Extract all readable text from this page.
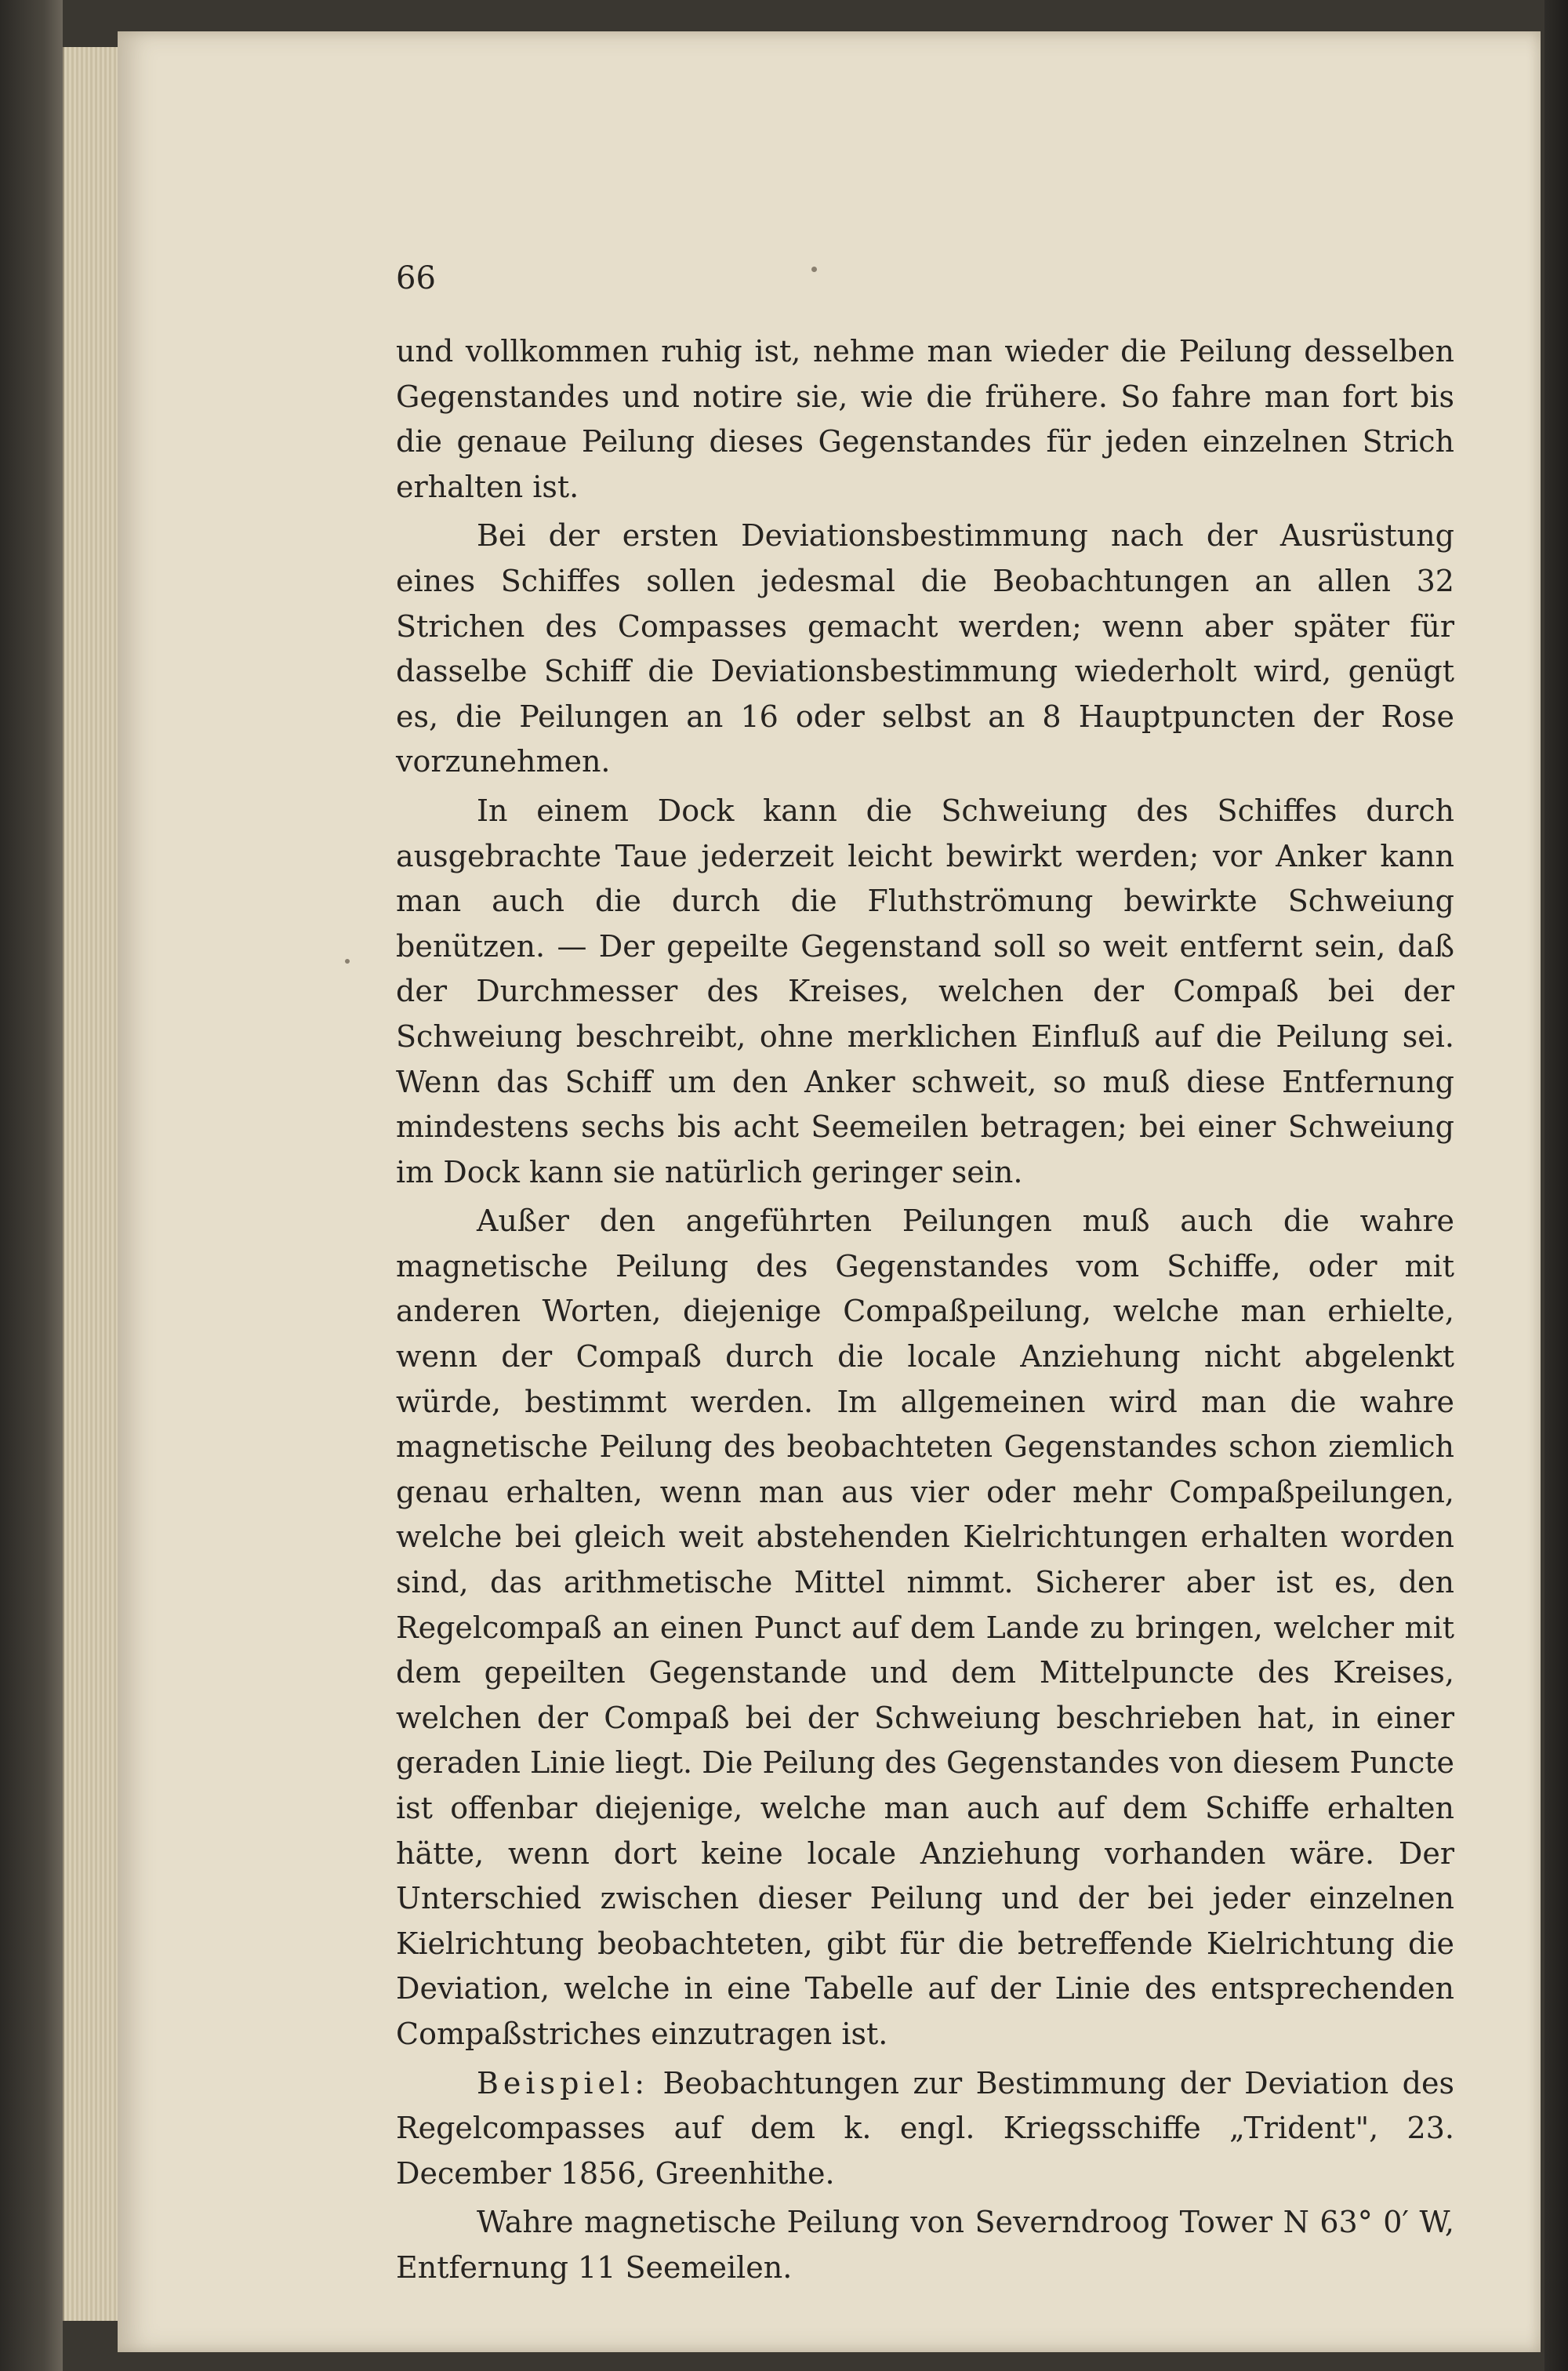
66

und vollkommen ruhig ist, nehme man wieder die Peilung desselben Gegenstandes und notire sie, wie die frühere. So fahre man fort bis die genaue Peilung dieses Gegenstandes für jeden einzelnen Strich erhalten ist.

Bei der ersten Deviationsbestimmung nach der Ausrüstung eines Schiffes sollen jedesmal die Beobachtungen an allen 32 Strichen des Compasses gemacht werden; wenn aber später für dasselbe Schiff die Deviationsbestimmung wiederholt wird, genügt es, die Peilungen an 16 oder selbst an 8 Hauptpuncten der Rose vorzunehmen.

In einem Dock kann die Schweiung des Schiffes durch ausgebrachte Taue jederzeit leicht bewirkt werden; vor Anker kann man auch die durch die Fluthströmung bewirkte Schweiung benützen. — Der gepeilte Gegenstand soll so weit entfernt sein, daß der Durchmesser des Kreises, welchen der Compaß bei der Schweiung beschreibt, ohne merklichen Einfluß auf die Peilung sei. Wenn das Schiff um den Anker schweit, so muß diese Entfernung mindestens sechs bis acht Seemeilen betragen; bei einer Schweiung im Dock kann sie natürlich geringer sein.

Außer den angeführten Peilungen muß auch die wahre magnetische Peilung des Gegenstandes vom Schiffe, oder mit anderen Worten, diejenige Compaßpeilung, welche man erhielte, wenn der Compaß durch die locale Anziehung nicht abgelenkt würde, bestimmt werden. Im allgemeinen wird man die wahre magnetische Peilung des beobachteten Gegenstandes schon ziemlich genau erhalten, wenn man aus vier oder mehr Compaßpeilungen, welche bei gleich weit abstehenden Kielrichtungen erhalten worden sind, das arithmetische Mittel nimmt. Sicherer aber ist es, den Regelcompaß an einen Punct auf dem Lande zu bringen, welcher mit dem gepeilten Gegenstande und dem Mittelpuncte des Kreises, welchen der Compaß bei der Schweiung beschrieben hat, in einer geraden Linie liegt. Die Peilung des Gegenstandes von diesem Puncte ist offenbar diejenige, welche man auch auf dem Schiffe erhalten hätte, wenn dort keine locale Anziehung vorhanden wäre. Der Unterschied zwischen dieser Peilung und der bei jeder einzelnen Kielrichtung beobachteten, gibt für die betreffende Kielrichtung die Deviation, welche in eine Tabelle auf der Linie des entsprechenden Compaßstriches einzutragen ist.

Beispiel: Beobachtungen zur Bestimmung der Deviation des Regelcompasses auf dem k. engl. Kriegsschiffe „Trident", 23. December 1856, Greenhithe.

Wahre magnetische Peilung von Severndroog Tower N 63° 0′ W, Entfernung 11 Seemeilen.
